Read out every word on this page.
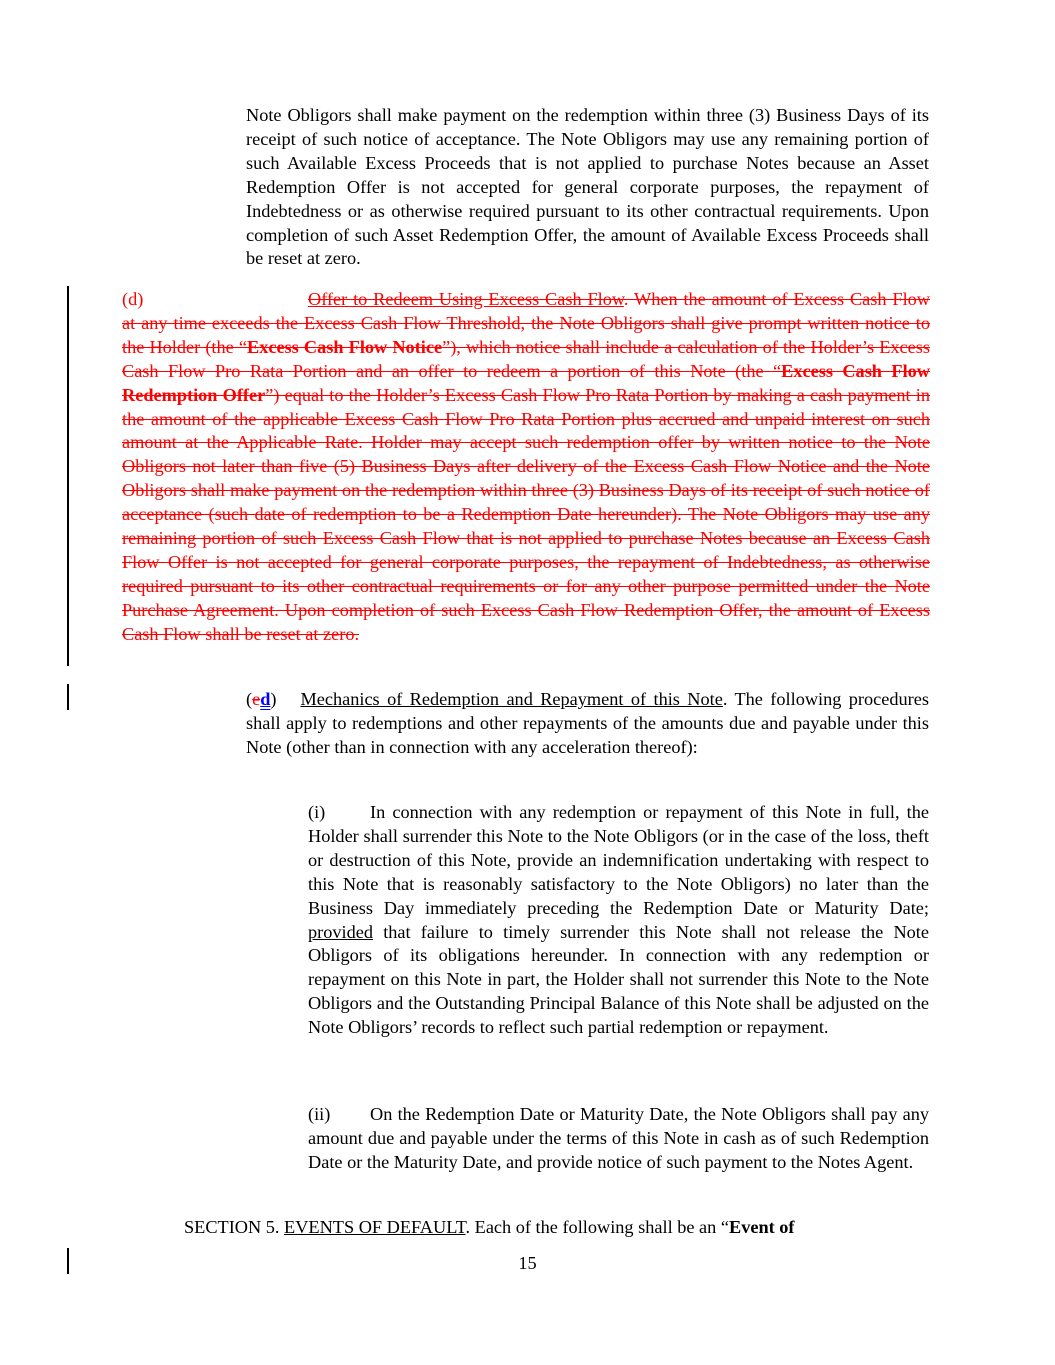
Note Obligors shall make payment on the redemption within three (3) Business Days of its receipt of such notice of acceptance. The Note Obligors may use any remaining portion of such Available Excess Proceeds that is not applied to purchase Notes because an Asset Redemption Offer is not accepted for general corporate purposes, the repayment of Indebtedness or as otherwise required pursuant to its other contractual requirements. Upon completion of such Asset Redemption Offer, the amount of Available Excess Proceeds shall be reset at zero.

(d)	Offer to Redeem Using Excess Cash Flow. When the amount of Excess Cash Flow at any time exceeds the Excess Cash Flow Threshold, the Note Obligors shall give prompt written notice to the Holder (the “Excess Cash Flow Notice”), which notice shall include a calculation of the Holder’s Excess Cash Flow Pro Rata Portion and an offer to redeem a portion of this Note (the “Excess Cash Flow Redemption Offer”) equal to the Holder’s Excess Cash Flow Pro Rata Portion by making a cash payment in the amount of the applicable Excess Cash Flow Pro Rata Portion plus accrued and unpaid interest on such amount at the Applicable Rate. Holder may accept such redemption offer by written notice to the Note Obligors not later than five (5) Business Days after delivery of the Excess Cash Flow Notice and the Note Obligors shall make payment on the redemption within three (3) Business Days of its receipt of such notice of acceptance (such date of redemption to be a Redemption Date hereunder). The Note Obligors may use any remaining portion of such Excess Cash Flow that is not applied to purchase Notes because an Excess Cash Flow Offer is not accepted for general corporate purposes, the repayment of Indebtedness, as otherwise required pursuant to its other contractual requirements or for any other purpose permitted under the Note Purchase Agreement. Upon completion of such Excess Cash Flow Redemption Offer, the amount of Excess Cash Flow shall be reset at zero.

(ed) Mechanics of Redemption and Repayment of this Note. The following procedures shall apply to redemptions and other repayments of the amounts due and payable under this Note (other than in connection with any acceleration thereof):

(i) In connection with any redemption or repayment of this Note in full, the Holder shall surrender this Note to the Note Obligors (or in the case of the loss, theft or destruction of this Note, provide an indemnification undertaking with respect to this Note that is reasonably satisfactory to the Note Obligors) no later than the Business Day immediately preceding the Redemption Date or Maturity Date; provided that failure to timely surrender this Note shall not release the Note Obligors of its obligations hereunder. In connection with any redemption or repayment on this Note in part, the Holder shall not surrender this Note to the Note Obligors and the Outstanding Principal Balance of this Note shall be adjusted on the Note Obligors’ records to reflect such partial redemption or repayment.

(ii) On the Redemption Date or Maturity Date, the Note Obligors shall pay any amount due and payable under the terms of this Note in cash as of such Redemption Date or the Maturity Date, and provide notice of such payment to the Notes Agent.

SECTION 5. EVENTS OF DEFAULT. Each of the following shall be an “Event of

15
